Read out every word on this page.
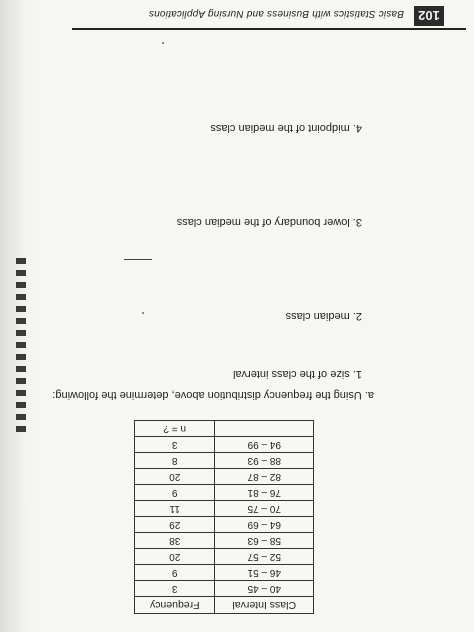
Class Interval	Frequency
40 – 45	3
46 – 51	9
52 – 57	20
58 – 63	38
64 – 69	29
70 – 75	11
76 – 81	9
82 – 87	20
88 – 93	8
94 – 99	3
	n = ?
a. Using the frequency distribution above, determine the following:
1. size of the class interval
2. median class
3. lower boundary of the median class
4. midpoint of the median class
Basic Statistics with Business and Nursing Applications	102
